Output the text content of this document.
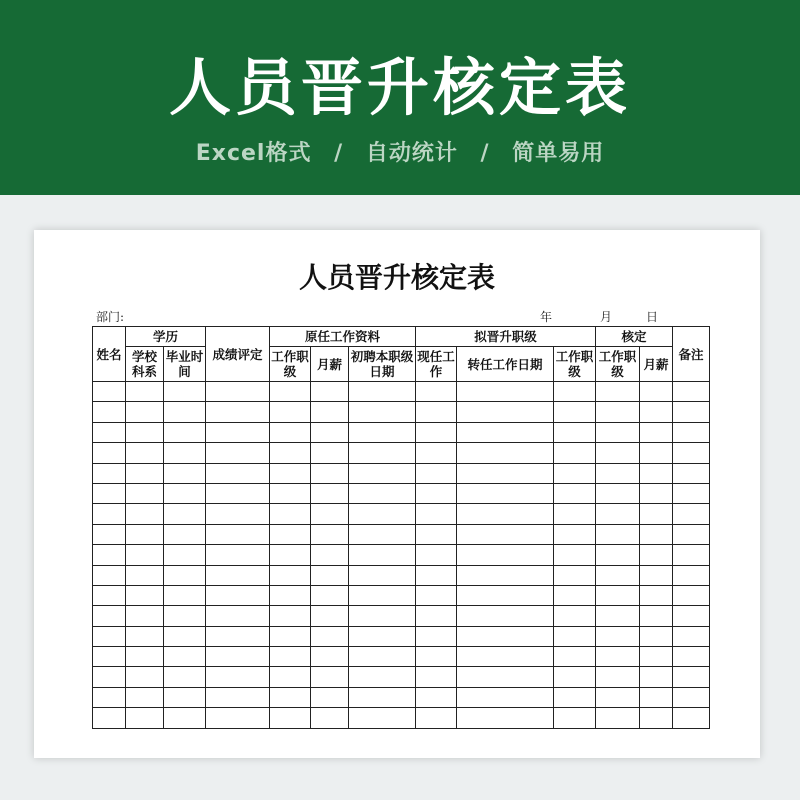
人员晋升核定表
Excel格式 / 自动统计 / 简单易用
人员晋升核定表
部门:	年	月	日
姓名	学历		成绩评定	原任工作资料			拟晋升职级			核定		备注
	学校科系	毕业时间		工作职级	月薪	初聘本职级日期	现任工作	转任工作日期	工作职级	工作职级	月薪	
